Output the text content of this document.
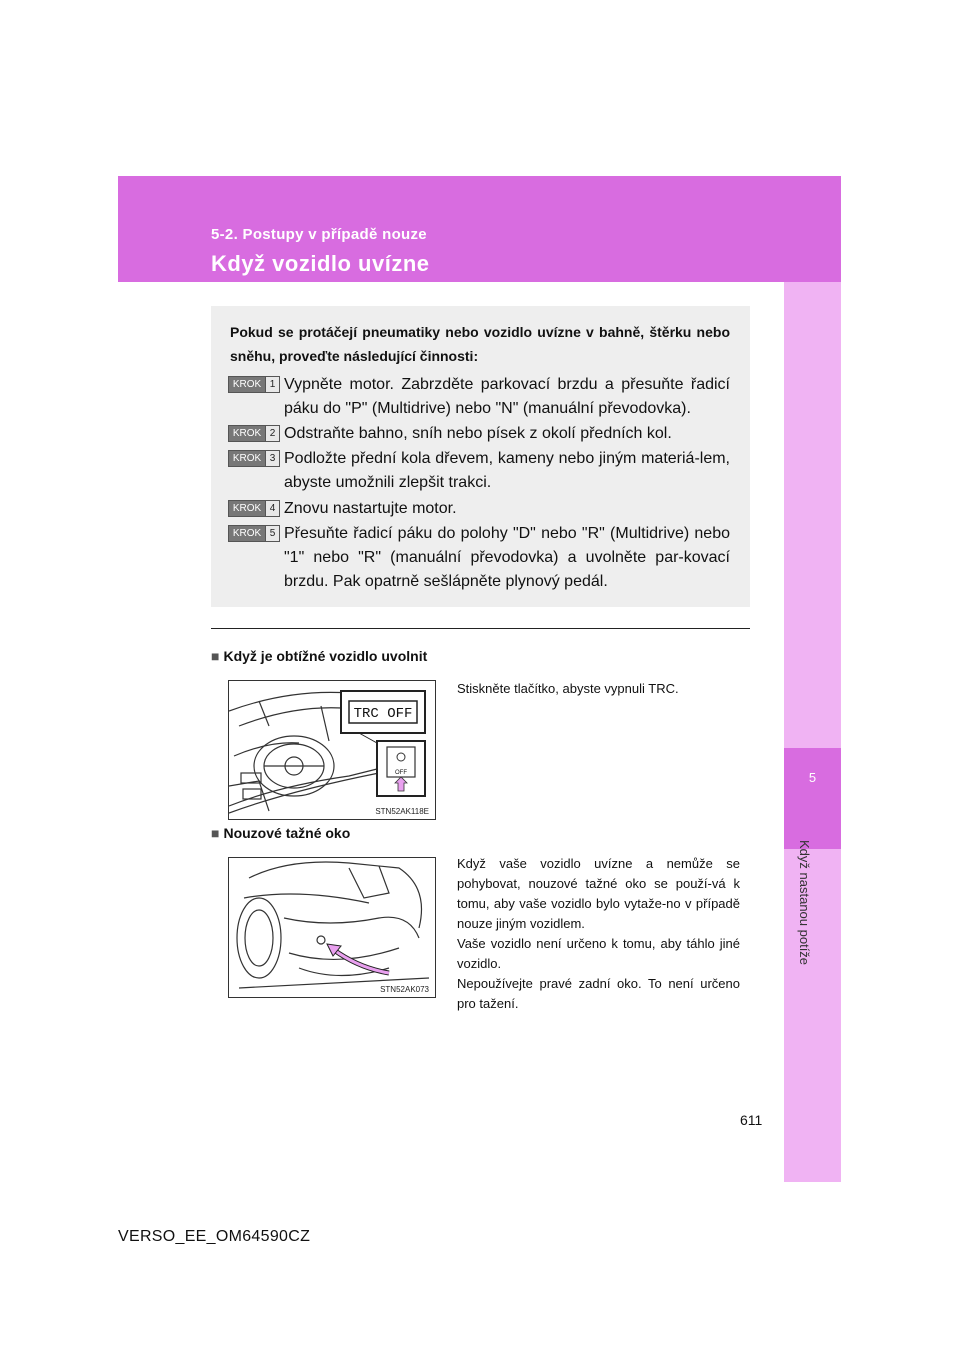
5-2. Postupy v případě nouze
Když vozidlo uvízne
5
Když nastanou potíže
Pokud se protáčejí pneumatiky nebo vozidlo uvízne v bahně, štěrku nebo sněhu, proveďte následující činnosti:
KROK 1 Vypněte motor. Zabrzděte parkovací brzdu a přesuňte řadicí páku do "P" (Multidrive) nebo "N" (manuální převodovka).
KROK 2 Odstraňte bahno, sníh nebo písek z okolí předních kol.
KROK 3 Podložte přední kola dřevem, kameny nebo jiným materiá-lem, abyste umožnili zlepšit trakci.
KROK 4 Znovu nastartujte motor.
KROK 5 Přesuňte řadicí páku do polohy "D" nebo "R" (Multidrive) nebo "1" nebo "R" (manuální převodovka) a uvolněte par-kovací brzdu. Pak opatrně sešlápněte plynový pedál.
■ Když je obtížné vozidlo uvolnit
TRC OFF
OFF
STN52AK118E
Stiskněte tlačítko, abyste vypnuli TRC.
■ Nouzové tažné oko
STN52AK073
Když vaše vozidlo uvízne a nemůže se pohybovat, nouzové tažné oko se použí-vá k tomu, aby vaše vozidlo bylo vytaže-no v případě nouze jiným vozidlem.
Vaše vozidlo není určeno k tomu, aby táhlo jiné vozidlo.
Nepoužívejte pravé zadní oko. To není určeno pro tažení.
611
VERSO_EE_OM64590CZ
